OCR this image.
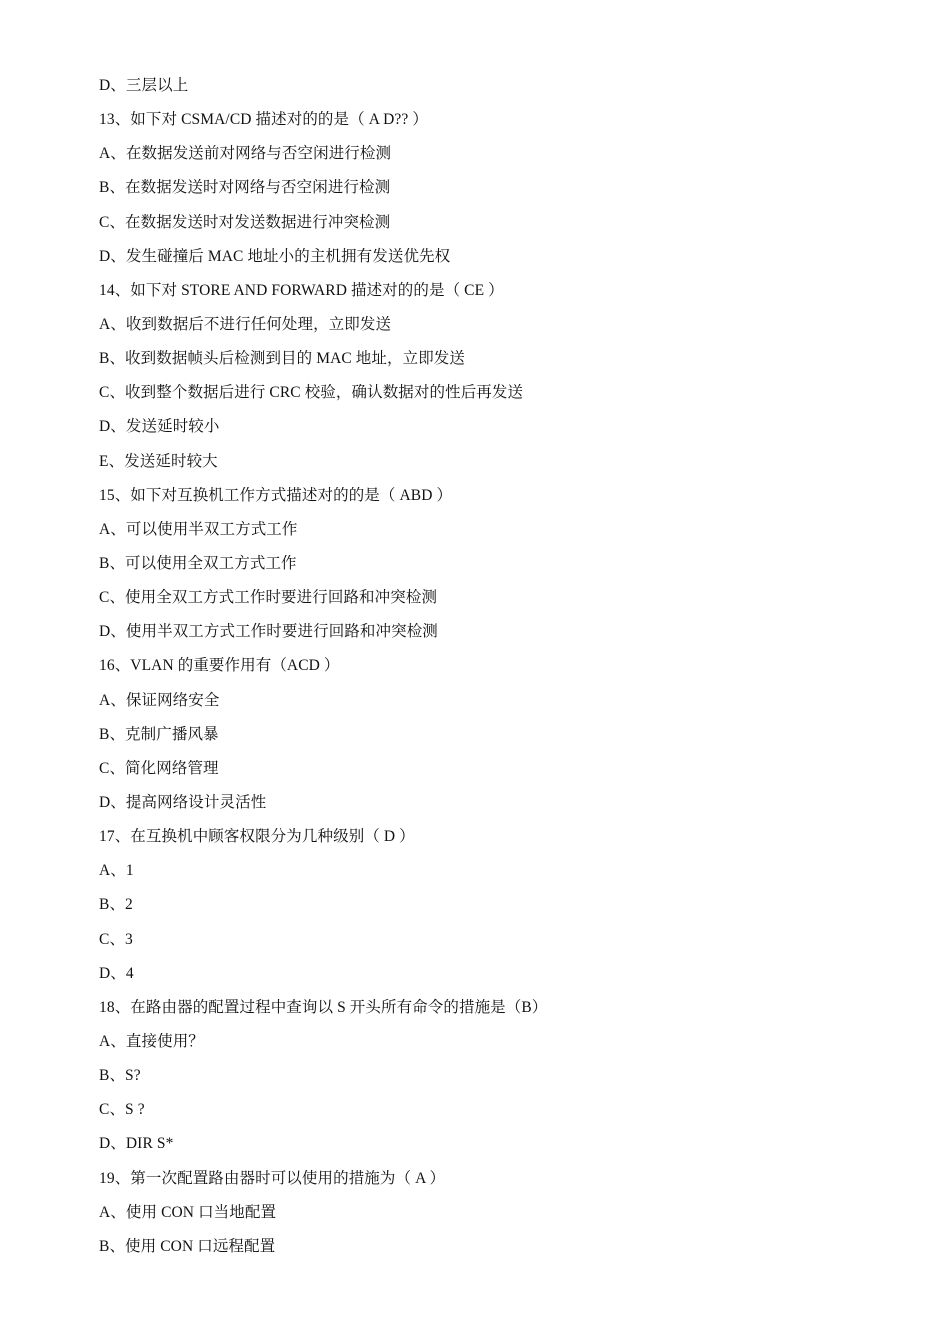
D、三层以上
13、如下对 CSMA/CD 描述对的的是（ A D?? ）
A、在数据发送前对网络与否空闲进行检测
B、在数据发送时对网络与否空闲进行检测
C、在数据发送时对发送数据进行冲突检测
D、发生碰撞后 MAC 地址小的主机拥有发送优先权
14、如下对 STORE AND FORWARD 描述对的的是（ CE ）
A、收到数据后不进行任何处理，立即发送
B、收到数据帧头后检测到目的 MAC 地址，立即发送
C、收到整个数据后进行 CRC 校验，确认数据对的性后再发送
D、发送延时较小
E、发送延时较大
15、如下对互换机工作方式描述对的的是（ ABD ）
A、可以使用半双工方式工作
B、可以使用全双工方式工作
C、使用全双工方式工作时要进行回路和冲突检测
D、使用半双工方式工作时要进行回路和冲突检测
16、VLAN 的重要作用有（ACD ）
A、保证网络安全
B、克制广播风暴
C、简化网络管理
D、提高网络设计灵活性
17、在互换机中顾客权限分为几种级别（ D ）
A、1
B、2
C、3
D、4
18、在路由器的配置过程中查询以 S 开头所有命令的措施是（B）
A、直接使用？
B、S?
C、S ?
D、DIR S*
19、第一次配置路由器时可以使用的措施为（ A ）
A、使用 CON 口当地配置
B、使用 CON 口远程配置
